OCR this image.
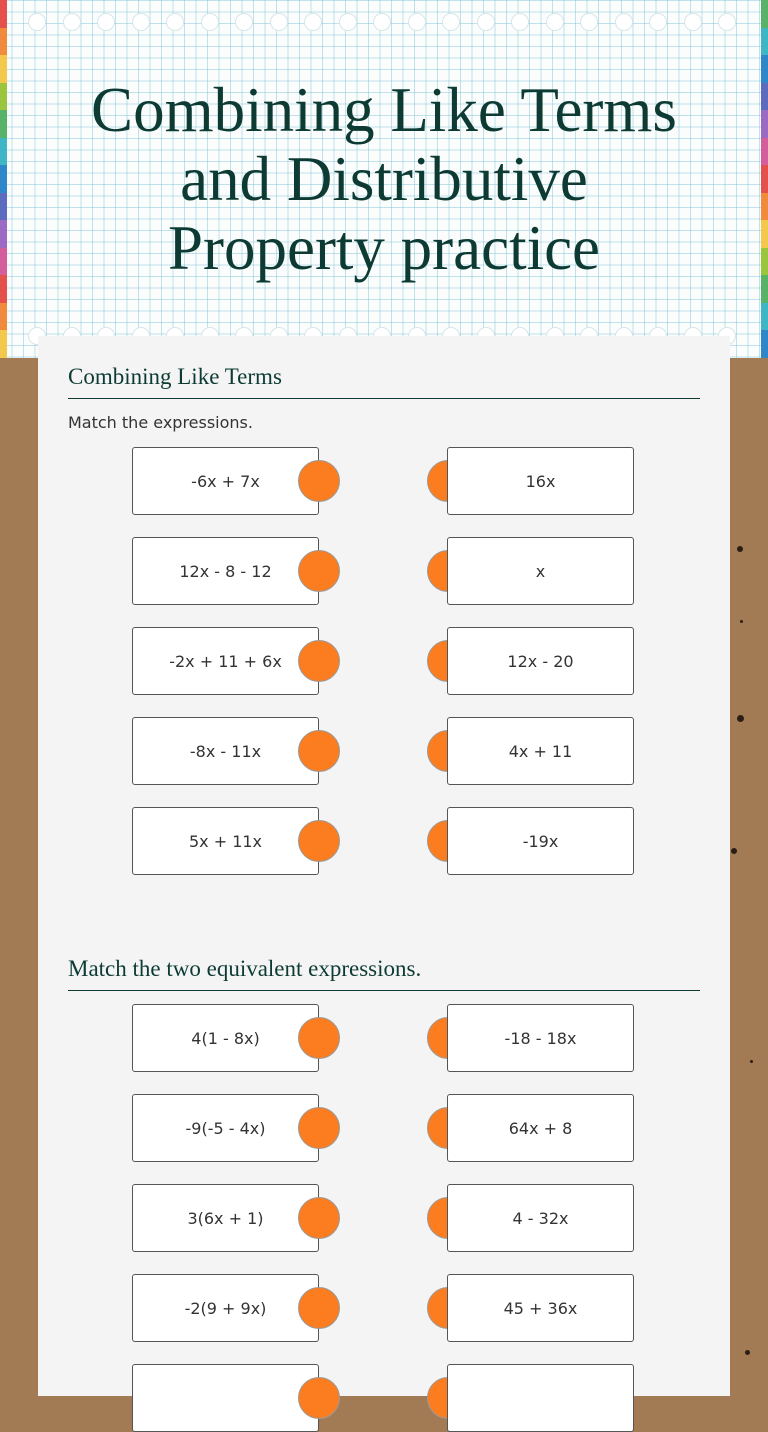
Combining Like Terms
and Distributive
Property practice
Combining Like Terms
Match the expressions.
-6x + 7x	16x
12x - 8 - 12	x
-2x + 11 + 6x	12x - 20
-8x - 11x	4x + 11
5x + 11x	-19x
Match the two equivalent expressions.
4(1 - 8x)	-18 - 18x
-9(-5 - 4x)	64x + 8
3(6x + 1)	4 - 32x
-2(9 + 9x)	45 + 36x
